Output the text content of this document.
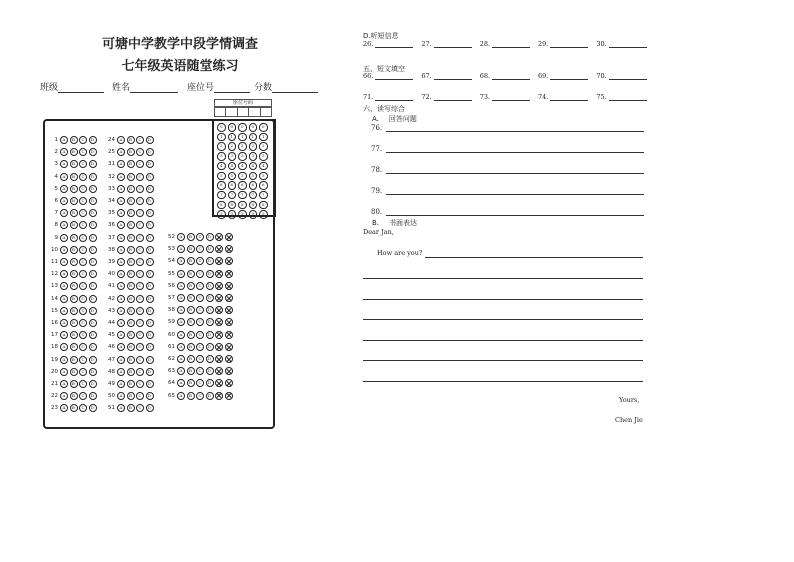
可塘中学教学中段学情调查
七年级英语随堂练习
班级	姓名	座位号	分数
座位号码
0	0	0	0	0
1	1	1	1	1
2	2	2	2	2
3	3	3	3	3
4	4	4	4	4
5	5	5	5	5
6	6	6	6	6
7	7	7	7	7
8	8	8	8	8
9	9	9	9	9
1	A	B	C	D
2	A	B	C	D
3	A	B	C	D
4	A	B	C	D
5	A	B	C	D
6	A	B	C	D
7	A	B	C	D
8	A	B	C	D
9	A	B	C	D
10	A	B	C	D
11	A	B	C	D
12	A	B	C	D
13	A	B	C	D
14	A	B	C	D
15	A	B	C	D
16	A	B	C	D
17	A	B	C	D
18	A	B	C	D
19	A	B	C	D
20	A	B	C	D
21	A	B	C	D
22	A	B	C	D
23	A	B	C	D
24	A	B	C	D
25	A	B	C	D
31	A	B	C	D
32	A	B	C	D
33	A	B	C	D
34	A	B	C	D
35	A	B	C	D
36	A	B	C	D
37	A	B	C	D
38	A	B	C	D
39	A	B	C	D
40	A	B	C	D
41	A	B	C	D
42	A	B	C	D
43	A	B	C	D
44	A	B	C	D
45	A	B	C	D
46	A	B	C	D
47	A	B	C	D
48	A	B	C	D
49	A	B	C	D
50	A	B	C	D
51	A	B	C	D
52	A	B	C	D
53	A	B	C	D
54	A	B	C	D
55	A	B	C	D
56	A	B	C	D
57	A	B	C	D
58	A	B	C	D
59	A	B	C	D
60	A	B	C	D
61	A	B	C	D
62	A	B	C	D
63	A	B	C	D
64	A	B	C	D
65	A	B	C	D
D.听短信息
26.	27.	28.	29.	30.
五、短文填空
66.	67.	68.	69.	70.
71.	72.	73.	74.	75.
六、读写综合
A. 回答问题
76.
77.
78.
79.
80.
B. 书面表达
Dear Jan,
How are you?
Yours,
Chen Jie
